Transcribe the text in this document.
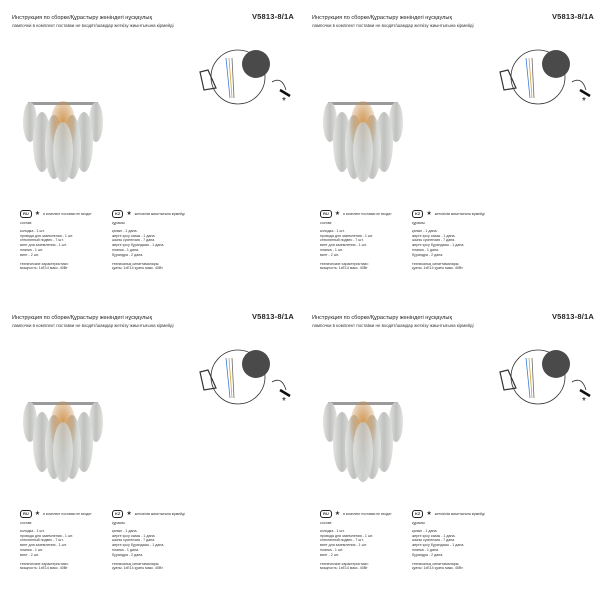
Инструкция по сборке/Құрастыру жөніндегі нұсқаулық	V5813-8/1A
лампочки в комплект поставки не входят/шамдар жеткізу жиынтығына кірмейді
*
RU	★ в комплект поставки не входят
состав:
колодка - 1 шт.
провода для заземления - 1 шт.
стеклянный подвес - 7 шт.
винт для заземления - 1 шт.
планка - 1 шт.
винт - 2 шт.
технические характеристики:
мощность: 1хE14 макс. 40Вт
KZ	★ жеткізілім жиынтығына кірмейді
құрамы:
қалып - 1 дана.
жерге қосу сымы - 1 дана.
шыны суспензия - 7 дана.
жерге қосу бұрандасы - 1 дана.
планка - 1 дана.
бұрандра - 2 дана.
техникалық сипаттамалары:
қуаты: 1хE14 қуаты макс. 40Вт
Инструкция по сборке/Құрастыру жөніндегі нұсқаулық	V5813-8/1A
лампочки в комплект поставки не входят/шамдар жеткізу жиынтығына кірмейді
*
RU	★ в комплект поставки не входят
состав:
колодка - 1 шт.
провода для заземления - 1 шт.
стеклянный подвес - 7 шт.
винт для заземления - 1 шт.
планка - 1 шт.
винт - 2 шт.
технические характеристики:
мощность: 1хE14 макс. 40Вт
KZ	★ жеткізілім жиынтығына кірмейді
құрамы:
қалып - 1 дана.
жерге қосу сымы - 1 дана.
шыны суспензия - 7 дана.
жерге қосу бұрандасы - 1 дана.
планка - 1 дана.
бұрандра - 2 дана.
техникалық сипаттамалары:
қуаты: 1хE14 қуаты макс. 40Вт
Инструкция по сборке/Құрастыру жөніндегі нұсқаулық	V5813-8/1A
лампочки в комплект поставки не входят/шамдар жеткізу жиынтығына кірмейді
*
RU	★ в комплект поставки не входят
состав:
колодка - 1 шт.
провода для заземления - 1 шт.
стеклянный подвес - 7 шт.
винт для заземления - 1 шт.
планка - 1 шт.
винт - 2 шт.
технические характеристики:
мощность: 1хE14 макс. 40Вт
KZ	★ жеткізілім жиынтығына кірмейді
құрамы:
қалып - 1 дана.
жерге қосу сымы - 1 дана.
шыны суспензия - 7 дана.
жерге қосу бұрандасы - 1 дана.
планка - 1 дана.
бұрандра - 2 дана.
техникалық сипаттамалары:
қуаты: 1хE14 қуаты макс. 40Вт
Инструкция по сборке/Құрастыру жөніндегі нұсқаулық	V5813-8/1A
лампочки в комплект поставки не входят/шамдар жеткізу жиынтығына кірмейді
*
RU	★ в комплект поставки не входят
состав:
колодка - 1 шт.
провода для заземления - 1 шт.
стеклянный подвес - 7 шт.
винт для заземления - 1 шт.
планка - 1 шт.
винт - 2 шт.
технические характеристики:
мощность: 1хE14 макс. 40Вт
KZ	★ жеткізілім жиынтығына кірмейді
құрамы:
қалып - 1 дана.
жерге қосу сымы - 1 дана.
шыны суспензия - 7 дана.
жерге қосу бұрандасы - 1 дана.
планка - 1 дана.
бұрандра - 2 дана.
техникалық сипаттамалары:
қуаты: 1хE14 қуаты макс. 40Вт
